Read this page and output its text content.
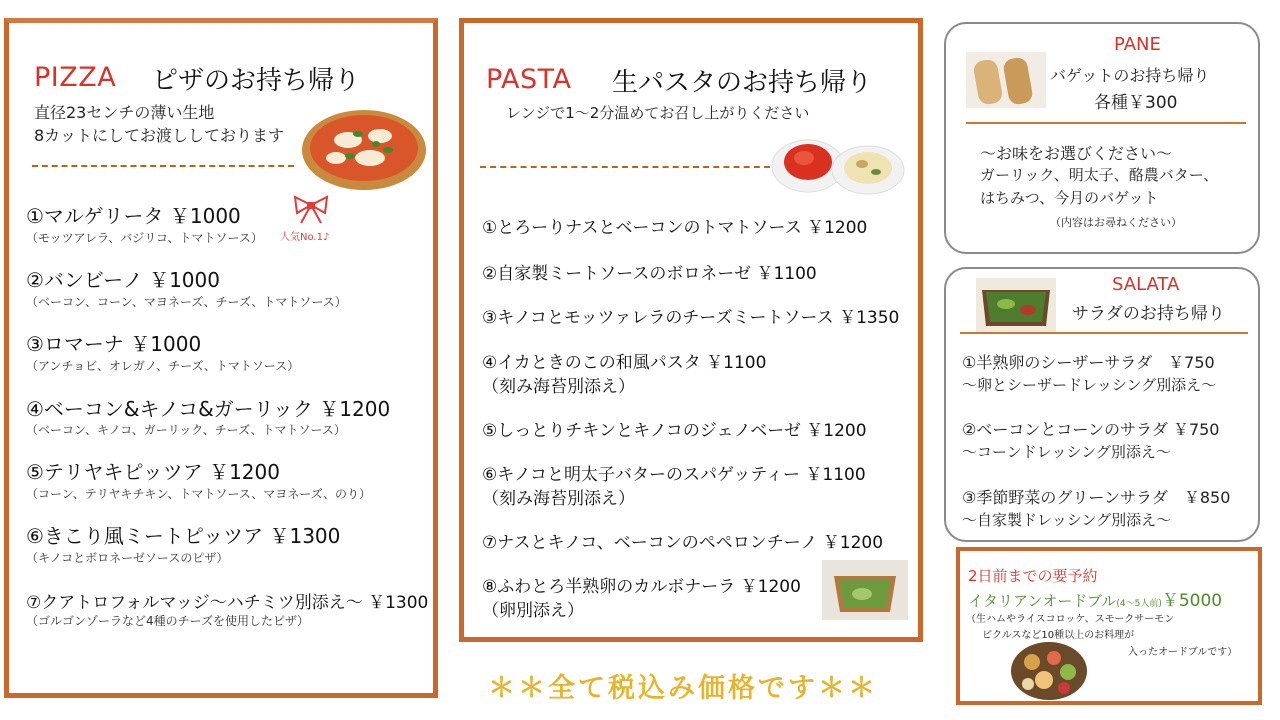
PIZZA ピザのお持ち帰り
直径23センチの薄い生地
8カットにしてお渡ししております
①マルゲリータ ￥1000
（モッツアレラ、バジリコ、トマトソース）
②バンビーノ ￥1000
（ベーコン、コーン、マヨネーズ、チーズ、トマトソース）
③ロマーナ ￥1000
（アンチョビ、オレガノ、チーズ、トマトソース）
④ベーコン&キノコ&ガーリック ￥1200
（ベーコン、キノコ、ガーリック、チーズ、トマトソース）
⑤テリヤキピッツア ￥1200
（コーン、テリヤキチキン、トマトソース、マヨネーズ、のり）
⑥きこり風ミートピッツア ￥1300
（キノコとボロネーゼソースのピザ）
⑦クアトロフォルマッジ～ハチミツ別添え～ ￥1300
（ゴルゴンゾーラなど4種のチーズを使用したピザ）
人気No.1♪
PASTA 生パスタのお持ち帰り
レンジで1～2分温めてお召し上がりください
①とろーりナスとベーコンのトマトソース ￥1200
②自家製ミートソースのボロネーゼ ￥1100
③キノコとモッツァレラのチーズミートソース ￥1350
④イカときのこの和風パスタ ￥1100
（刻み海苔別添え）
⑤しっとりチキンとキノコのジェノベーゼ ￥1200
⑥キノコと明太子バターのスパゲッティー ￥1100
（刻み海苔別添え）
⑦ナスとキノコ、ベーコンのペペロンチーノ ￥1200
⑧ふわとろ半熟卵のカルボナーラ ￥1200
（卵別添え）
PANE
バゲットのお持ち帰り
各種￥300
～お味をお選びください～
ガーリック、明太子、酪農バター、
はちみつ、今月のバゲット
（内容はお尋ねください）
SALATA
サラダのお持ち帰り
①半熟卵のシーザーサラダ　￥750
～卵とシーザードレッシング別添え～
②ベーコンとコーンのサラダ ￥750
～コーンドレッシング別添え～
③季節野菜のグリーンサラダ　￥850
～自家製ドレッシング別添え～
2日前までの要予約
イタリアンオードブル(4～5人前)￥5000
（生ハムやライスコロッケ、スモークサーモン
ピクルスなど10種以上のお料理が
入ったオードブルです）
＊＊全て税込み価格です＊＊
